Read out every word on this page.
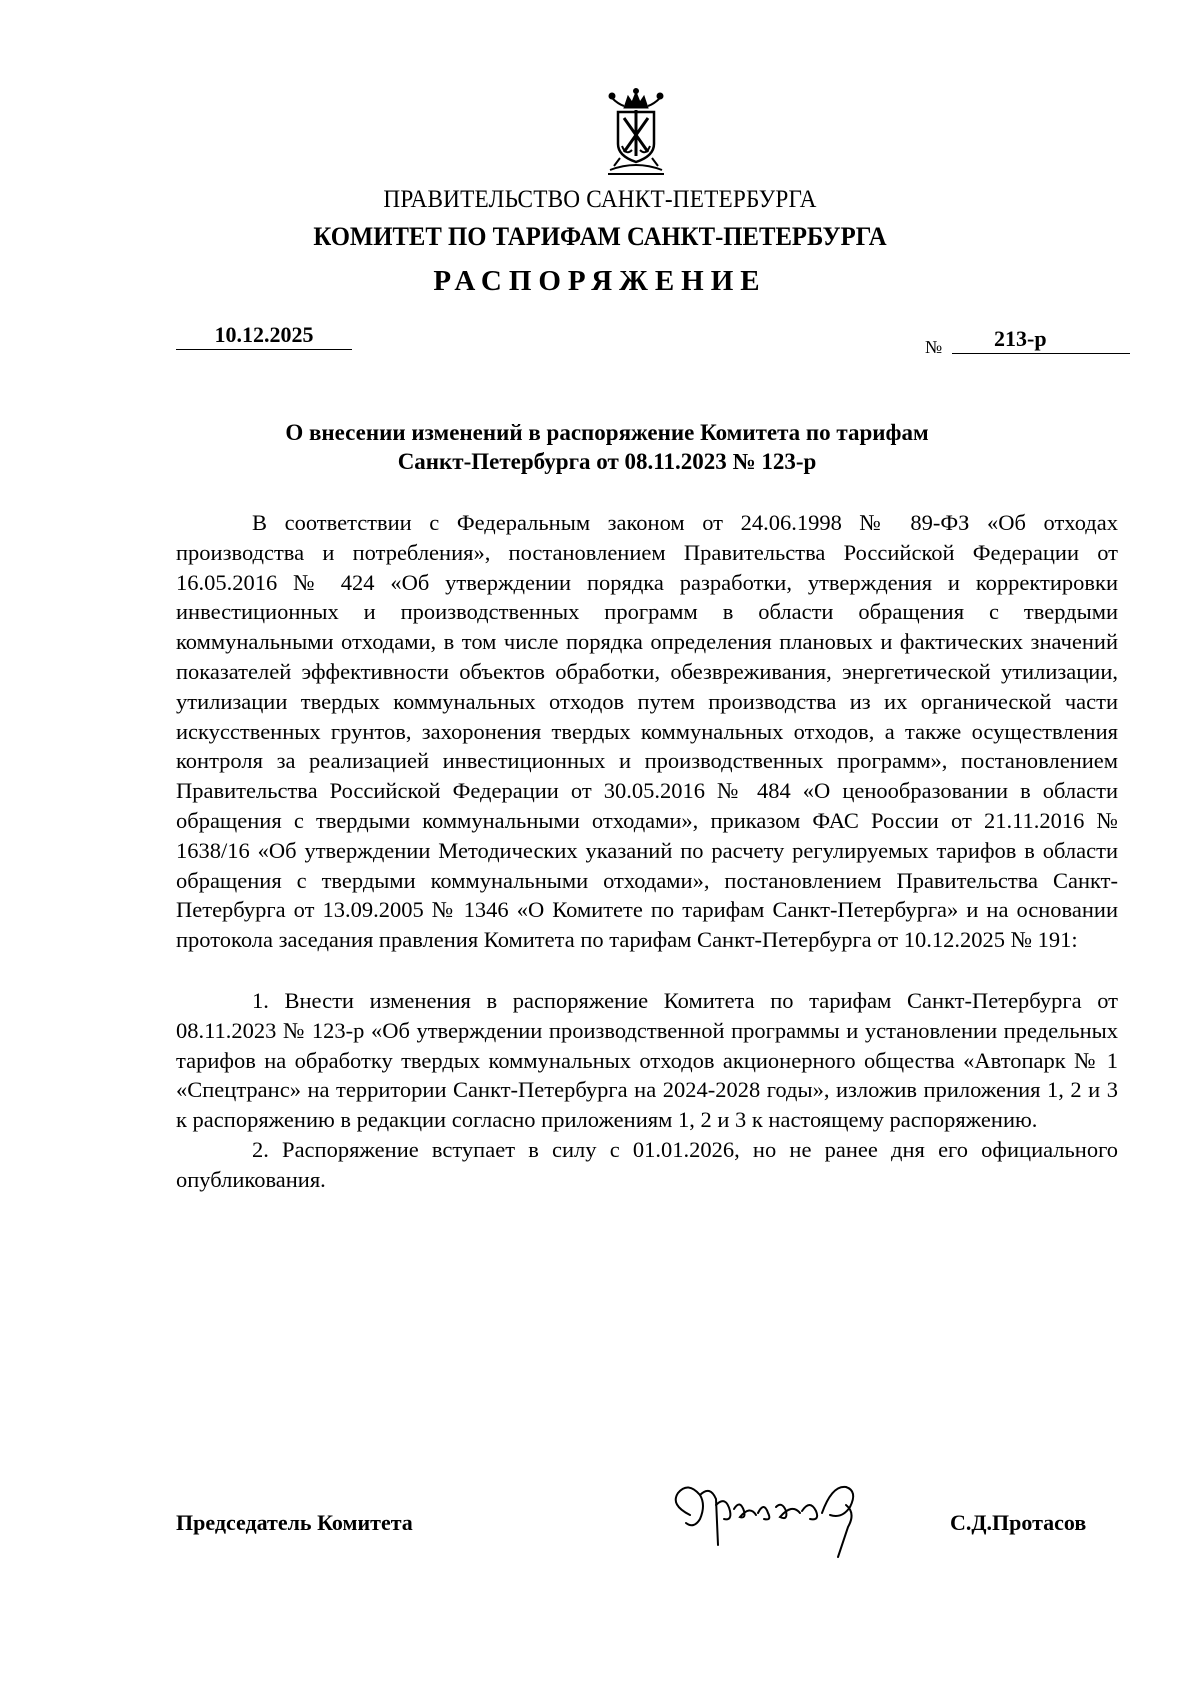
ПРАВИТЕЛЬСТВО САНКТ-ПЕТЕРБУРГА
КОМИТЕТ ПО ТАРИФАМ САНКТ-ПЕТЕРБУРГА
РАСПОРЯЖЕНИЕ
10.12.2025	№	213-р
О внесении изменений в распоряжение Комитета по тарифам
Санкт-Петербурга от 08.11.2023 № 123-р

В соответствии с Федеральным законом от 24.06.1998 № 89-ФЗ «Об отходах производства и потребления», постановлением Правительства Российской Федерации от 16.05.2016 № 424 «Об утверждении порядка разработки, утверждения и корректировки инвестиционных и производственных программ в области обращения с твердыми коммунальными отходами, в том числе порядка определения плановых и фактических значений показателей эффективности объектов обработки, обезвреживания, энергетической утилизации, утилизации твердых коммунальных отходов путем производства из их органической части искусственных грунтов, захоронения твердых коммунальных отходов, а также осуществления контроля за реализацией инвестиционных и производственных программ», постановлением Правительства Российской Федерации от 30.05.2016 № 484 «О ценообразовании в области обращения с твердыми коммунальными отходами», приказом ФАС России от 21.11.2016 № 1638/16 «Об утверждении Методических указаний по расчету регулируемых тарифов в области обращения с твердыми коммунальными отходами», постановлением Правительства Санкт-Петербурга от 13.09.2005 № 1346 «О Комитете по тарифам Санкт-Петербурга» и на основании протокола заседания правления Комитета по тарифам Санкт-Петербурга от 10.12.2025 № 191:

1. Внести изменения в распоряжение Комитета по тарифам Санкт-Петербурга от 08.11.2023 № 123-р «Об утверждении производственной программы и установлении предельных тарифов на обработку твердых коммунальных отходов акционерного общества «Автопарк № 1 «Спецтранс» на территории Санкт-Петербурга на 2024-2028 годы», изложив приложения 1, 2 и 3 к распоряжению в редакции согласно приложениям 1, 2 и 3 к настоящему распоряжению.

2. Распоряжение вступает в силу с 01.01.2026, но не ранее дня его официального опубликования.

Председатель Комитета	С.Д.Протасов
